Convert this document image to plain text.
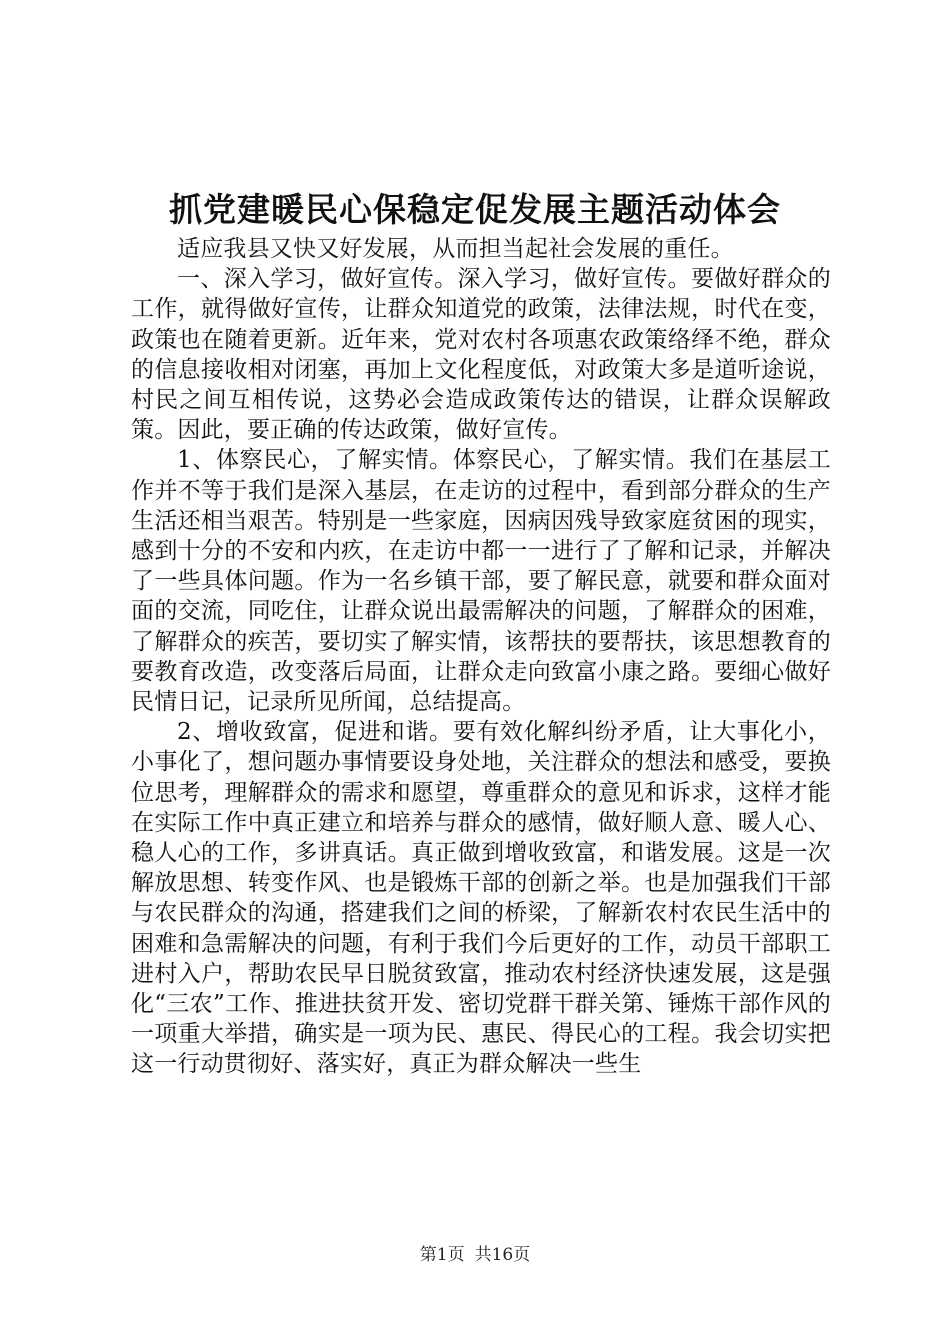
抓党建暖民心保稳定促发展主题活动体会

适应我县又快又好发展，从而担当起社会发展的重任。

一、深入学习，做好宣传。深入学习，做好宣传。要做好群众的工作，就得做好宣传，让群众知道党的政策，法律法规，时代在变，政策也在随着更新。近年来，党对农村各项惠农政策络绎不绝，群众的信息接收相对闭塞，再加上文化程度低，对政策大多是道听途说，村民之间互相传说，这势必会造成政策传达的错误，让群众误解政策。因此，要正确的传达政策，做好宣传。

1、体察民心，了解实情。体察民心，了解实情。我们在基层工作并不等于我们是深入基层，在走访的过程中，看到部分群众的生产生活还相当艰苦。特别是一些家庭，因病因残导致家庭贫困的现实，感到十分的不安和内疚，在走访中都一一进行了了解和记录，并解决了一些具体问题。作为一名乡镇干部，要了解民意，就要和群众面对面的交流，同吃住，让群众说出最需解决的问题，了解群众的困难，了解群众的疾苦，要切实了解实情，该帮扶的要帮扶，该思想教育的要教育改造，改变落后局面，让群众走向致富小康之路。要细心做好民情日记，记录所见所闻，总结提高。

2、增收致富，促进和谐。要有效化解纠纷矛盾，让大事化小，小事化了，想问题办事情要设身处地，关注群众的想法和感受，要换位思考，理解群众的需求和愿望，尊重群众的意见和诉求，这样才能在实际工作中真正建立和培养与群众的感情，做好顺人意、暖人心、稳人心的工作，多讲真话。真正做到增收致富，和谐发展。这是一次解放思想、转变作风、也是锻炼干部的创新之举。也是加强我们干部与农民群众的沟通，搭建我们之间的桥梁，了解新农村农民生活中的困难和急需解决的问题，有利于我们今后更好的工作，动员干部职工进村入户，帮助农民早日脱贫致富，推动农村经济快速发展，这是强化“三农”工作、推进扶贫开发、密切党群干群关第、锤炼干部作风的一项重大举措，确实是一项为民、惠民、得民心的工程。我会切实把这一行动贯彻好、落实好，真正为群众解决一些生

第1页 共16页
